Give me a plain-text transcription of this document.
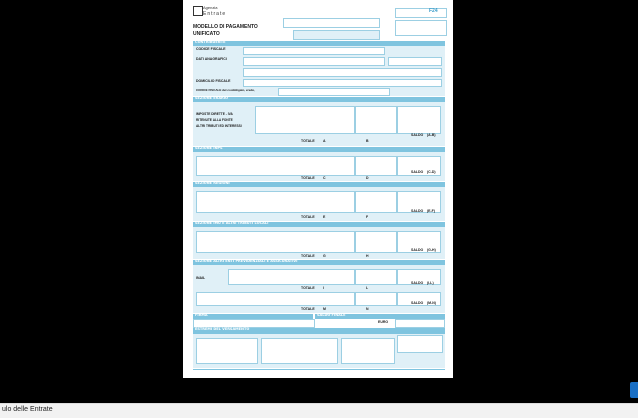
Agenzia
Entrate
MODELLO DI PAGAMENTO
UNIFICATO
F24
CONTRIBUENTE
CODICE FISCALE
DATI ANAGRAFICI
DOMICILIO FISCALE
CODICE FISCALE del coobbligato, erede,
SEZIONE ERARIO
IMPOSTE DIRETTE - IVA
RITENUTE ALLA FONTE
ALTRI TRIBUTI ED INTERESSI
TOTALE A	B
SALDO (A-B)
SEZIONE INPS
TOTALE C	D
SALDO (C-D)
SEZIONE REGIONI
TOTALE E	F
SALDO (E-F)
SEZIONE IMU E ALTRI TRIBUTI LOCALI
TOTALE G	H
SALDO (G-H)
SEZIONE ALTRI ENTI PREVIDENZIALI E ASSICURATIVI
INAIL
TOTALE I	L
SALDO (I-L)
TOTALE M	N
SALDO (M-N)
FIRMA	SALDO FINALE
EURO
ESTREMI DEL VERSAMENTO
ulo delle Entrate
